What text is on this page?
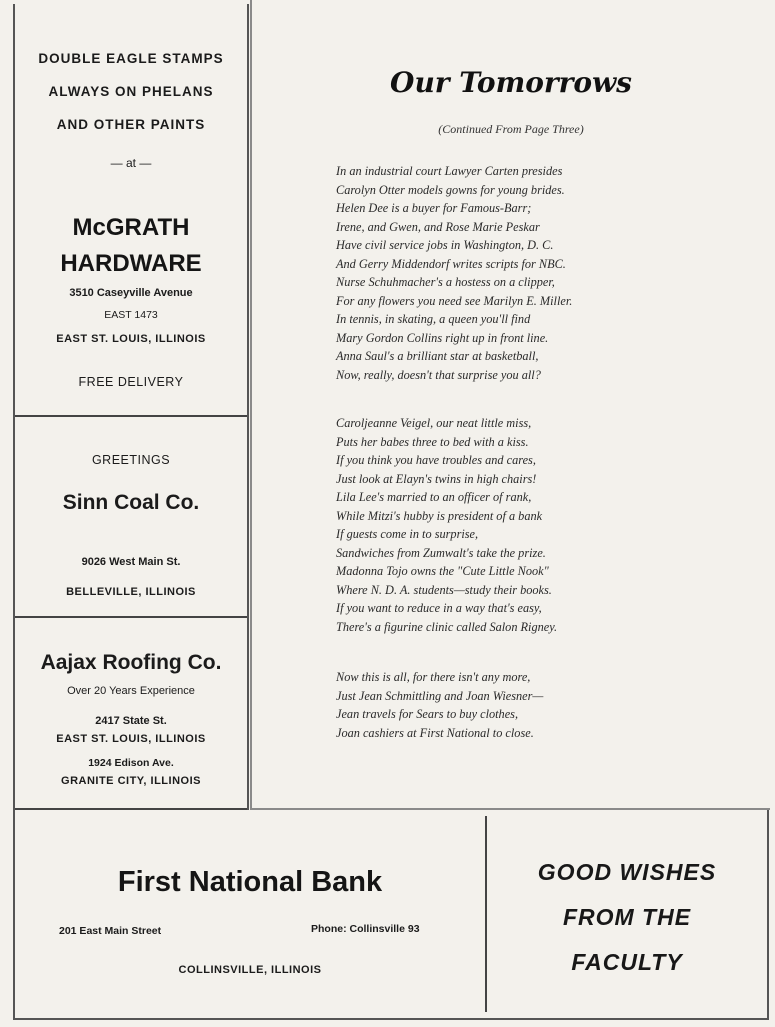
DOUBLE EAGLE STAMPS
ALWAYS ON PHELANS
AND OTHER PAINTS
— at —
McGRATH
HARDWARE
3510 Caseyville Avenue
EAST 1473
EAST ST. LOUIS, ILLINOIS
FREE DELIVERY
GREETINGS
Sinn Coal Co.
9026 West Main St.
BELLEVILLE, ILLINOIS
Aajax Roofing Co.
Over 20 Years Experience
2417 State St.
EAST ST. LOUIS, ILLINOIS
1924 Edison Ave.
GRANITE CITY, ILLINOIS
Our Tomorrows
(Continued From Page Three)
In an industrial court Lawyer Carten presides
Carolyn Otter models gowns for young brides.
Helen Dee is a buyer for Famous-Barr;
Irene, and Gwen, and Rose Marie Peskar
Have civil service jobs in Washington, D. C.
And Gerry Middendorf writes scripts for NBC.
Nurse Schuhmacher's a hostess on a clipper,
For any flowers you need see Marilyn E. Miller.
In tennis, in skating, a queen you'll find
Mary Gordon Collins right up in front line.
Anna Saul's a brilliant star at basketball,
Now, really, doesn't that surprise you all?
Caroljeanne Veigel, our neat little miss,
Puts her babes three to bed with a kiss.
If you think you have troubles and cares,
Just look at Elayn's twins in high chairs!
Lila Lee's married to an officer of rank,
While Mitzi's hubby is president of a bank
If guests come in to surprise,
Sandwiches from Zumwalt's take the prize.
Madonna Tojo owns the "Cute Little Nook"
Where N. D. A. students—study their books.
If you want to reduce in a way that's easy,
There's a figurine clinic called Salon Rigney.
Now this is all, for there isn't any more,
Just Jean Schmittling and Joan Wiesner—
Jean travels for Sears to buy clothes,
Joan cashiers at First National to close.
First National Bank
201 East Main Street	Phone: Collinsville 93
COLLINSVILLE, ILLINOIS
GOOD WISHES
FROM THE
FACULTY
